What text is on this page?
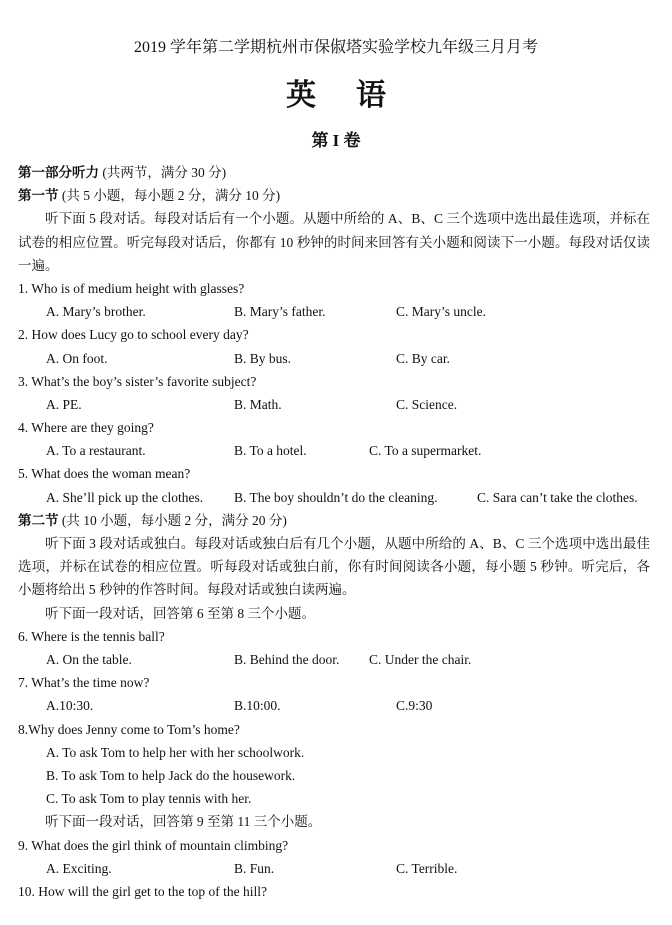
2019 学年第二学期杭州市保俶塔实验学校九年级三月月考
英语
第 I 卷
第一部分听力 (共两节，满分 30 分)
第一节 (共 5 小题，每小题 2 分，满分 10 分)
听下面 5 段对话。每段对话后有一个小题。从题中所给的 A、B、C 三个选项中选出最佳选项，并标在试卷的相应位置。听完每段对话后，你都有 10 秒钟的时间来回答有关小题和阅读下一小题。每段对话仅读一遍。
1. Who is of medium height with glasses?
A. Mary’s brother.	B. Mary’s father.	C. Mary’s uncle.
2. How does Lucy go to school every day?
A. On foot.	B. By bus.	C. By car.
3. What’s the boy’s sister’s favorite subject?
A. PE.	B. Math.	C. Science.
4. Where are they going?
A. To a restaurant.	B. To a hotel.	C. To a supermarket.
5. What does the woman mean?
A. She’ll pick up the clothes. B. The boy shouldn’t do the cleaning.	C. Sara can’t take the clothes.
第二节 (共 10 小题，每小题 2 分，满分 20 分)
听下面 3 段对话或独白。每段对话或独白后有几个小题，从题中所给的 A、B、C 三个选项中选出最佳选项，并标在试卷的相应位置。听每段对话或独白前，你有时间阅读各小题，每小题 5 秒钟。听完后，各小题将给出 5 秒钟的作答时间。每段对话或独白读两遍。
听下面一段对话，回答第 6 至第 8 三个小题。
6. Where is the tennis ball?
A. On the table.	B. Behind the door. C. Under the chair.
7. What’s the time now?
A.10:30.	B.10:00.	C.9:30
8.Why does Jenny come to Tom’s home?
A. To ask Tom to help her with her schoolwork.
B. To ask Tom to help Jack do the housework.
C. To ask Tom to play tennis with her.
听下面一段对话，回答第 9 至第 11 三个小题。
9. What does the girl think of mountain climbing?
A. Exciting.	B. Fun.	C. Terrible.
10. How will the girl get to the top of the hill?
